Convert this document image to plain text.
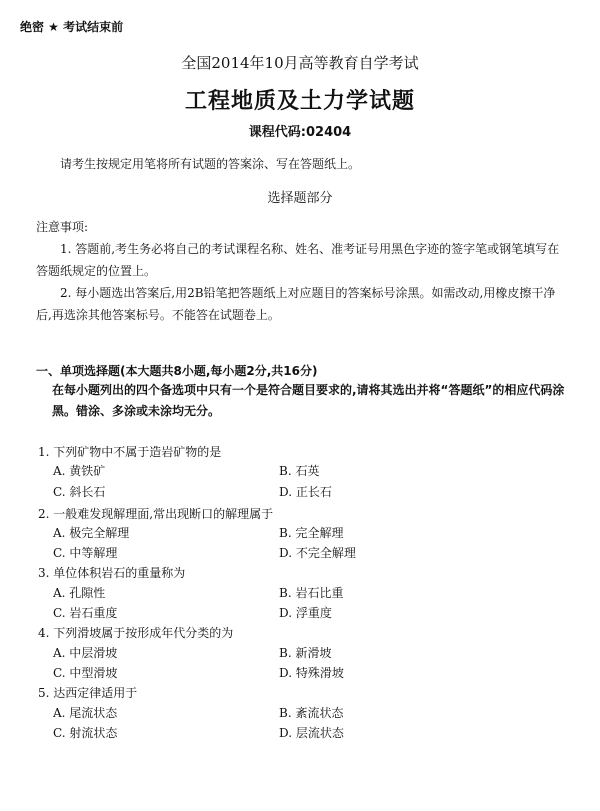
绝密 ★ 考试结束前
全国2014年10月高等教育自学考试
工程地质及土力学试题
课程代码:02404
请考生按规定用笔将所有试题的答案涂、写在答题纸上。
选择题部分
注意事项:
1. 答题前,考生务必将自己的考试课程名称、姓名、准考证号用黑色字迹的签字笔或钢笔填写在答题纸规定的位置上。
2. 每小题选出答案后,用2B铅笔把答题纸上对应题目的答案标号涂黑。如需改动,用橡皮擦干净后,再选涂其他答案标号。不能答在试题卷上。
一、单项选择题(本大题共8小题,每小题2分,共16分)
在每小题列出的四个备选项中只有一个是符合题目要求的,请将其选出并将“答题纸”的相应代码涂黑。错涂、多涂或未涂均无分。
1. 下列矿物中不属于造岩矿物的是
A. 黄铁矿	B. 石英
C. 斜长石	D. 正长石
2. 一般难发现解理面,常出现断口的解理属于
A. 极完全解理	B. 完全解理
C. 中等解理	D. 不完全解理
3. 单位体积岩石的重量称为
A. 孔隙性	B. 岩石比重
C. 岩石重度	D. 浮重度
4. 下列滑坡属于按形成年代分类的为
A. 中层滑坡	B. 新滑坡
C. 中型滑坡	D. 特殊滑坡
5. 达西定律适用于
A. 尾流状态	B. 紊流状态
C. 射流状态	D. 层流状态
